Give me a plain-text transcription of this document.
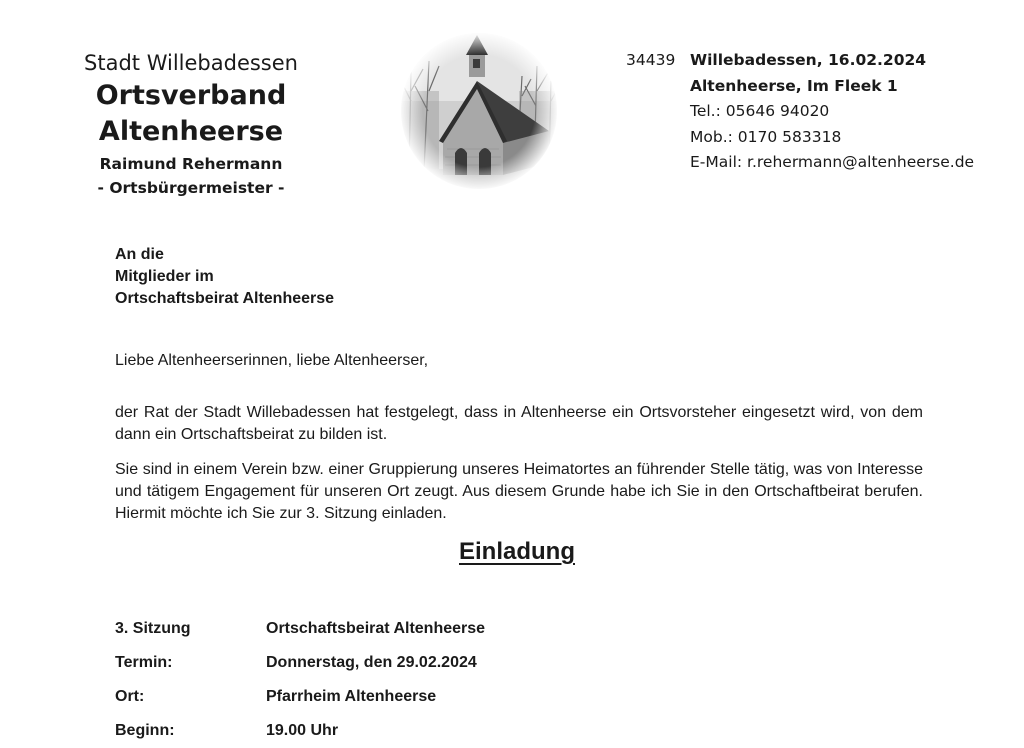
Stadt Willebadessen
Ortsverband Altenheerse
Raimund Rehermann
- Ortsbürgermeister -
34439 Willebadessen, 16.02.2024
Altenheerse, Im Fleek 1
Tel.: 05646 94020
Mob.: 0170 583318
E-Mail: r.rehermann@altenheerse.de
An die
Mitglieder im
Ortschaftsbeirat Altenheerse
Liebe Altenheerserinnen, liebe Altenheerser,
der Rat der Stadt Willebadessen hat festgelegt, dass in Altenheerse ein Ortsvorsteher eingesetzt wird, von dem dann ein Ortschaftsbeirat zu bilden ist.
Sie sind in einem Verein bzw. einer Gruppierung unseres Heimatortes an führender Stelle tätig, was von Interesse und tätigem Engagement für unseren Ort zeugt. Aus diesem Grunde habe ich Sie in den Ortschaftbeirat berufen. Hiermit möchte ich Sie zur 3. Sitzung einladen.
Einladung
3. Sitzung	Ortschaftsbeirat Altenheerse
Termin:	Donnerstag, den 29.02.2024
Ort:	Pfarrheim Altenheerse
Beginn:	19.00 Uhr
